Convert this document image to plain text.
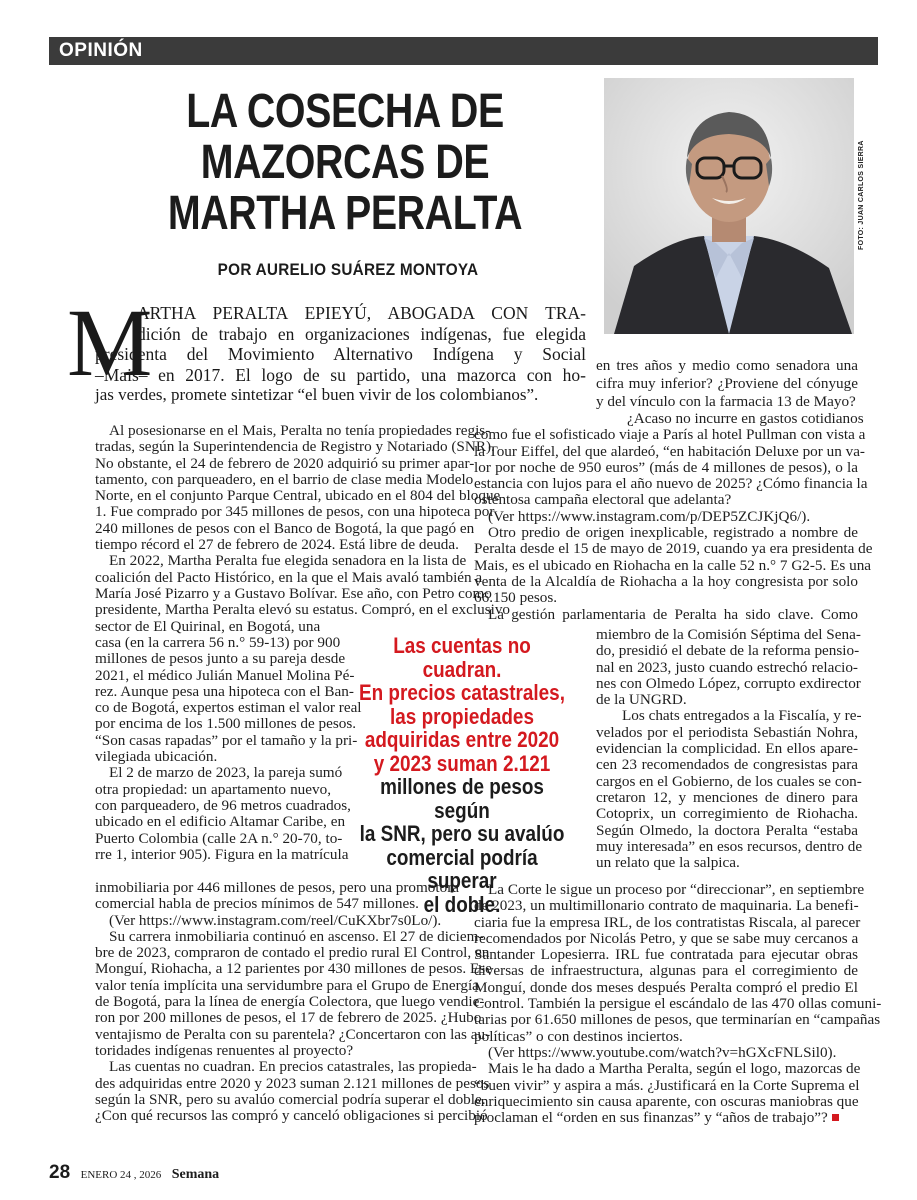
OPINIÓN
LA COSECHA DE
MAZORCAS DE
MARTHA PERALTA
POR AURELIO SUÁREZ MONTOYA
FOTO: JUAN CARLOS SIERRA
M
ARTHA PERALTA EPIEYÚ, ABOGADA CON TRA-
dición de trabajo en organizaciones indígenas, fue elegida
presidenta del Movimiento Alternativo Indígena y Social
–Mais– en 2017. El logo de su partido, una mazorca con ho-
jas verdes, promete sintetizar “el buen vivir de los colombianos”.
Al posesionarse en el Mais, Peralta no tenía propiedades regis-
tradas, según la Superintendencia de Registro y Notariado (SNR).
No obstante, el 24 de febrero de 2020 adquirió su primer apar-
tamento, con parqueadero, en el barrio de clase media Modelo
Norte, en el conjunto Parque Central, ubicado en el 804 del bloque
1. Fue comprado por 345 millones de pesos, con una hipoteca por
240 millones de pesos con el Banco de Bogotá, la que pagó en
tiempo récord el 27 de febrero de 2024. Está libre de deuda.
En 2022, Martha Peralta fue elegida senadora en la lista de
coalición del Pacto Histórico, en la que el Mais avaló también a
María José Pizarro y a Gustavo Bolívar. Ese año, con Petro como
presidente, Martha Peralta elevó su estatus. Compró, en el exclusivo
sector de El Quirinal, en Bogotá, una
casa (en la carrera 56 n.° 59-13) por 900
millones de pesos junto a su pareja desde
2021, el médico Julián Manuel Molina Pé-
rez. Aunque pesa una hipoteca con el Ban-
co de Bogotá, expertos estiman el valor real
por encima de los 1.500 millones de pesos.
“Son casas rapadas” por el tamaño y la pri-
vilegiada ubicación.
El 2 de marzo de 2023, la pareja sumó
otra propiedad: un apartamento nuevo,
con parqueadero, de 96 metros cuadrados,
ubicado en el edificio Altamar Caribe, en
Puerto Colombia (calle 2A n.° 20-70, to-
rre 1, interior 905). Figura en la matrícula
inmobiliaria por 446 millones de pesos, pero una promotora
comercial habla de precios mínimos de 547 millones.
(Ver https://www.instagram.com/reel/CuKXbr7s0Lo/).
Su carrera inmobiliaria continuó en ascenso. El 27 de diciem-
bre de 2023, compraron de contado el predio rural El Control, en
Monguí, Riohacha, a 12 parientes por 430 millones de pesos. Ese
valor tenía implícita una servidumbre para el Grupo de Energía
de Bogotá, para la línea de energía Colectora, que luego vendie-
ron por 200 millones de pesos, el 17 de febrero de 2025. ¿Hubo
ventajismo de Peralta con su parentela? ¿Concertaron con las au-
toridades indígenas renuentes al proyecto?
Las cuentas no cuadran. En precios catastrales, las propieda-
des adquiridas entre 2020 y 2023 suman 2.121 millones de pesos
según la SNR, pero su avalúo comercial podría superar el doble.
¿Con qué recursos las compró y canceló obligaciones si percibió
en tres años y medio como senadora una
cifra muy inferior? ¿Proviene del cónyuge
y del vínculo con la farmacia 13 de Mayo?
¿Acaso no incurre en gastos cotidianos
como fue el sofisticado viaje a París al hotel Pullman con vista a
la Tour Eiffel, del que alardeó, “en habitación Deluxe por un va-
lor por noche de 950 euros” (más de 4 millones de pesos), o la
estancia con lujos para el año nuevo de 2025? ¿Cómo financia la
ostentosa campaña electoral que adelanta?
(Ver https://www.instagram.com/p/DEP5ZCJKjQ6/).
Otro predio de origen inexplicable, registrado a nombre de
Peralta desde el 15 de mayo de 2019, cuando ya era presidenta de
Mais, es el ubicado en Riohacha en la calle 52 n.° 7 G2-5. Es una
venta de la Alcaldía de Riohacha a la hoy congresista por solo
66.150 pesos.
La gestión parlamentaria de Peralta ha sido clave. Como
miembro de la Comisión Séptima del Sena-
do, presidió el debate de la reforma pensio-
nal en 2023, justo cuando estrechó relacio-
nes con Olmedo López, corrupto exdirector
de la UNGRD.
Los chats entregados a la Fiscalía, y re-
velados por el periodista Sebastián Nohra,
evidencian la complicidad. En ellos apare-
cen 23 recomendados de congresistas para
cargos en el Gobierno, de los cuales se con-
cretaron 12, y menciones de dinero para
Cotoprix, un corregimiento de Riohacha.
Según Olmedo, la doctora Peralta “estaba
muy interesada” en esos recursos, dentro de
un relato que la salpica.
La Corte le sigue un proceso por “direccionar”, en septiembre
de 2023, un multimillonario contrato de maquinaria. La benefi-
ciaria fue la empresa IRL, de los contratistas Riscala, al parecer
recomendados por Nicolás Petro, y que se sabe muy cercanos a
Santander Lopesierra. IRL fue contratada para ejecutar obras
diversas de infraestructura, algunas para el corregimiento de
Monguí, donde dos meses después Peralta compró el predio El
Control. También la persigue el escándalo de las 470 ollas comuni-
tarias por 61.650 millones de pesos, que terminarían en “campañas
políticas” o con destinos inciertos.
(Ver https://www.youtube.com/watch?v=hGXcFNLSil0).
Mais le ha dado a Martha Peralta, según el logo, mazorcas de
“buen vivir” y aspira a más. ¿Justificará en la Corte Suprema el
enriquecimiento sin causa aparente, con oscuras maniobras que
proclaman el “orden en sus finanzas” y “años de trabajo”?
Las cuentas no cuadran.
En precios catastrales,
las propiedades
adquiridas entre 2020
y 2023 suman 2.121
millones de pesos según
la SNR, pero su avalúo
comercial podría superar
el doble.
28 ENERO 24 , 2026 Semana
